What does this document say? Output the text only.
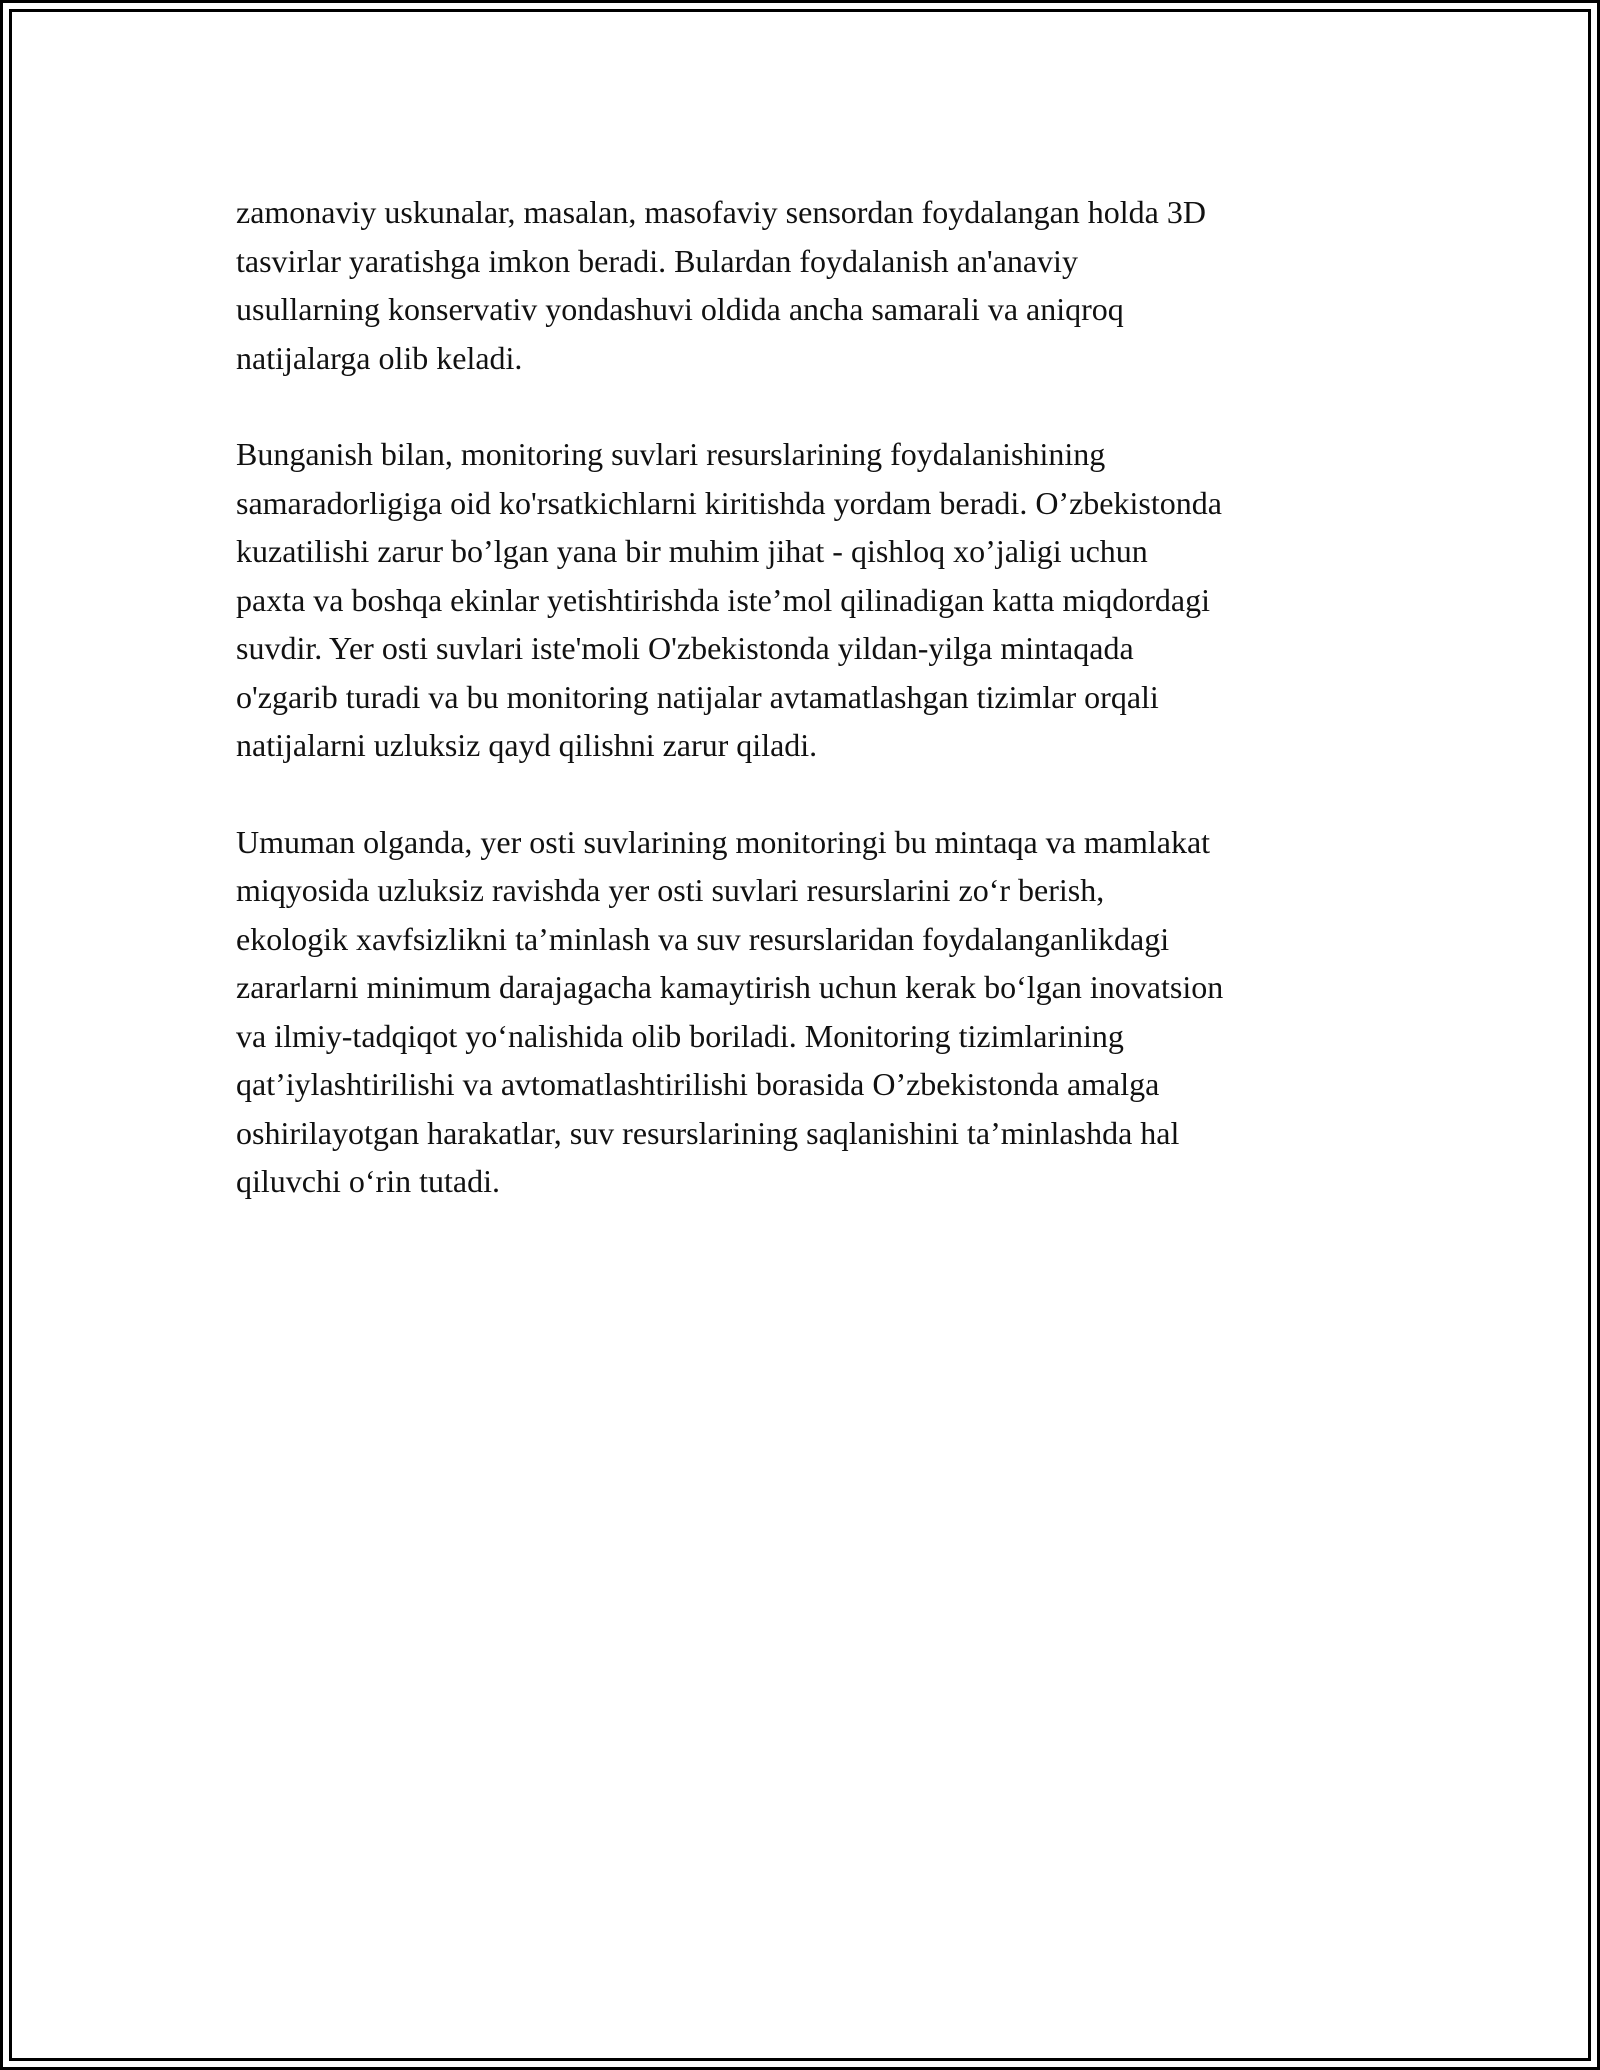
zamonaviy uskunalar, masalan, masofaviy sensordan foydalangan holda 3D
tasvirlar yaratishga imkon beradi. Bulardan foydalanish an'anaviy
usullarning konservativ yondashuvi oldida ancha samarali va aniqroq
natijalarga olib keladi.

Bunganish bilan, monitoring suvlari resurslarining foydalanishining
samaradorligiga oid ko'rsatkichlarni kiritishda yordam beradi. O’zbekistonda
kuzatilishi zarur bo’lgan yana bir muhim jihat - qishloq xo’jaligi uchun
paxta va boshqa ekinlar yetishtirishda iste’mol qilinadigan katta miqdordagi
suvdir. Yer osti suvlari iste'moli O'zbekistonda yildan-yilga mintaqada
o'zgarib turadi va bu monitoring natijalar avtamatlashgan tizimlar orqali
natijalarni uzluksiz qayd qilishni zarur qiladi.

Umuman olganda, yer osti suvlarining monitoringi bu mintaqa va mamlakat
miqyosida uzluksiz ravishda yer osti suvlari resurslarini zo‘r berish,
ekologik xavfsizlikni ta’minlash va suv resurslaridan foydalanganlikdagi
zararlarni minimum darajagacha kamaytirish uchun kerak bo‘lgan inovatsion
va ilmiy-tadqiqot yo‘nalishida olib boriladi. Monitoring tizimlarining
qat’iylashtirilishi va avtomatlashtirilishi borasida O’zbekistonda amalga
oshirilayotgan harakatlar, suv resurslarining saqlanishini ta’minlashda hal
qiluvchi o‘rin tutadi.
